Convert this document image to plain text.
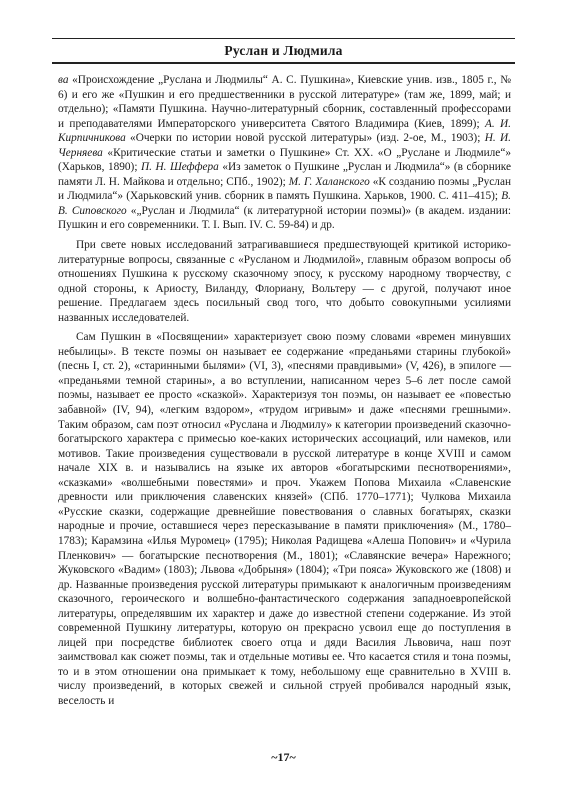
Руслан и Людмила

ва «Происхождение „Руслана и Людмилы“ А. С. Пушкина», Киевские унив. изв., 1805 г., № 6) и его же «Пушкин и его предшественники в русской литературе» (там же, 1899, май; и отдельно); «Памяти Пушкина. Научно-литературный сборник, составленный профессорами и преподавателями Императорского университета Святого Владимира (Киев, 1899); А. И. Кирпичникова «Очерки по истории новой русской литературы» (изд. 2-ое, М., 1903); Н. И. Черняева «Критические статьи и заметки о Пушкине» Ст. XX. «О „Руслане и Людмиле“» (Харьков, 1890); П. Н. Шеффера «Из заметок о Пушкине „Руслан и Людмила“» (в сборнике памяти Л. Н. Майкова и отдельно; СПб., 1902); М. Г. Халанского «К созданию поэмы „Руслан и Людмила“» (Харьковский унив. сборник в память Пушкина. Харьков, 1900. С. 411–415); В. В. Сиповского «„Руслан и Людмила“ (к литературной истории поэмы)» (в академ. издании: Пушкин и его современники. Т. I. Вып. IV. С. 59-84) и др.

При свете новых исследований затрагивавшиеся предшествующей критикой историко-литературные вопросы, связанные с «Русланом и Людмилой», главным образом вопросы об отношениях Пушкина к русскому сказочному эпосу, к русскому народному творчеству, с одной стороны, к Ариосту, Виланду, Флориану, Вольтеру — с другой, получают иное решение. Предлагаем здесь посильный свод того, что добыто совокупными усилиями названных исследователей.

Сам Пушкин в «Посвящении» характеризует свою поэму словами «времен минувших небылицы». В тексте поэмы он называет ее содержание «преданьями старины глубокой» (песнь I, ст. 2), «старинными былями» (VI, 3), «песнями правдивыми» (V, 426), в эпилоге — «преданьями темной старины», а во вступлении, написанном через 5–6 лет после самой поэмы, называет ее просто «сказкой». Характеризуя тон поэмы, он называет ее «повестью забавной» (IV, 94), «легким вздором», «трудом игривым» и даже «песнями грешными». Таким образом, сам поэт относил «Руслана и Людмилу» к категории произведений сказочно-богатырского характера с примесью кое-каких исторических ассоциаций, или намеков, или мотивов. Такие произведения существовали в русской литературе в конце XVIII и самом начале XIX в. и назывались на языке их авторов «богатырскими песнотворениями», «сказками» «волшебными повестями» и проч. Укажем Попова Михаила «Славенские древности или приключения славенских князей» (СПб. 1770–1771); Чулкова Михаила «Русские сказки, содержащие древнейшие повествования о славных богатырях, сказки народные и прочие, оставшиеся через пересказывание в памяти приключения» (М., 1780–1783); Карамзина «Илья Муромец» (1795); Николая Радищева «Алеша Попович» и «Чурила Пленкович» — богатырские песнотворения (М., 1801); «Славянские вечера» Нарежного; Жуковского «Вадим» (1803); Львова «Добрыня» (1804); «Три пояса» Жуковского же (1808) и др. Названные произведения русской литературы примыкают к аналогичным произведениям сказочного, героического и волшебно-фантастического содержания западноевропейской литературы, определявшим их характер и даже до известной степени содержание. Из этой современной Пушкину литературы, которую он прекрасно усвоил еще до поступления в лицей при посредстве библиотек своего отца и дяди Василия Львовича, наш поэт заимствовал как сюжет поэмы, так и отдельные мотивы ее. Что касается стиля и тона поэмы, то и в этом отношении она примыкает к тому, небольшому еще сравнительно в XVIII в. числу произведений, в которых свежей и сильной струей пробивался народный язык, веселость и

~17~
